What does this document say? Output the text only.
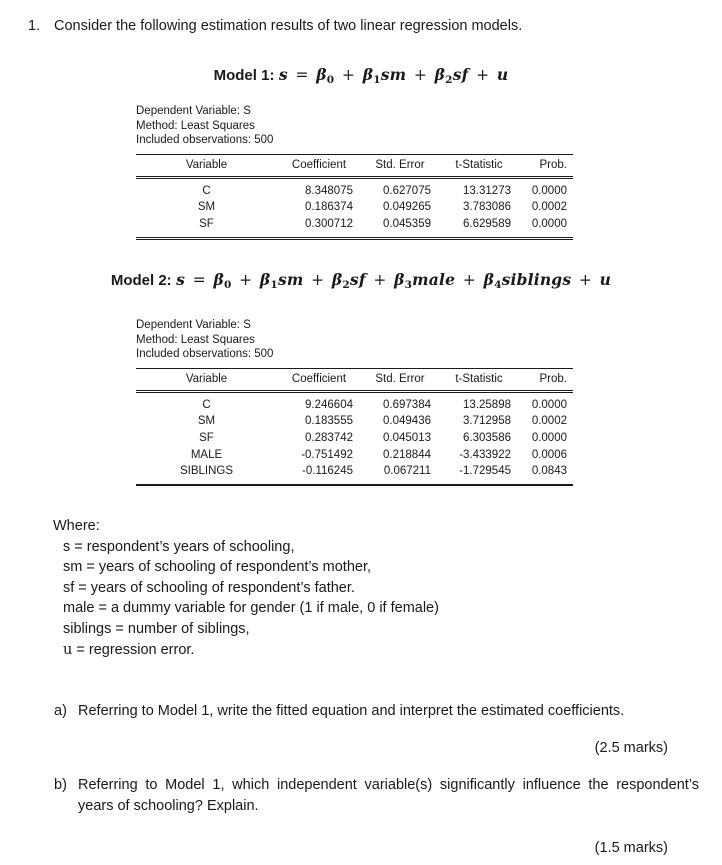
1. Consider the following estimation results of two linear regression models.
Model 1: $s = \beta_0 + \beta_1sm + \beta_2sf + u$
Dependent Variable: S
Method: Least Squares
Included observations: 500
Variable	Coefficient	Std. Error	t-Statistic	Prob.
C	8.348075	0.627075	13.31273	0.0000
SM	0.186374	0.049265	3.783086	0.0002
SF	0.300712	0.045359	6.629589	0.0000
Model 2: $s = \beta_0 + \beta_1sm + \beta_2sf$ + $\beta_3male$ + $\beta_4siblings + u$
Dependent Variable: S
Method: Least Squares
Included observations: 500
Variable	Coefficient	Std. Error	t-Statistic	Prob.
C	9.246604	0.697384	13.25898	0.0000
SM	0.183555	0.049436	3.712958	0.0002
SF	0.283742	0.045013	6.303586	0.0000
MALE	-0.751492	0.218844	-3.433922	0.0006
SIBLINGS	-0.116245	0.067211	-1.729545	0.0843

Where:

s = respondent’s years of schooling,

sm = years of schooling of respondent’s mother,

sf = years of schooling of respondent’s father.

male = a dummy variable for gender (1 if male, 0 if female)

siblings = number of siblings,

u = regression error.

a) Referring to Model 1, write the fitted equation and interpret the estimated coefficients.
(2.5 marks)
b) Referring to Model 1, which independent variable(s) significantly influence the respondent’s years of schooling? Explain.
(1.5 marks)
